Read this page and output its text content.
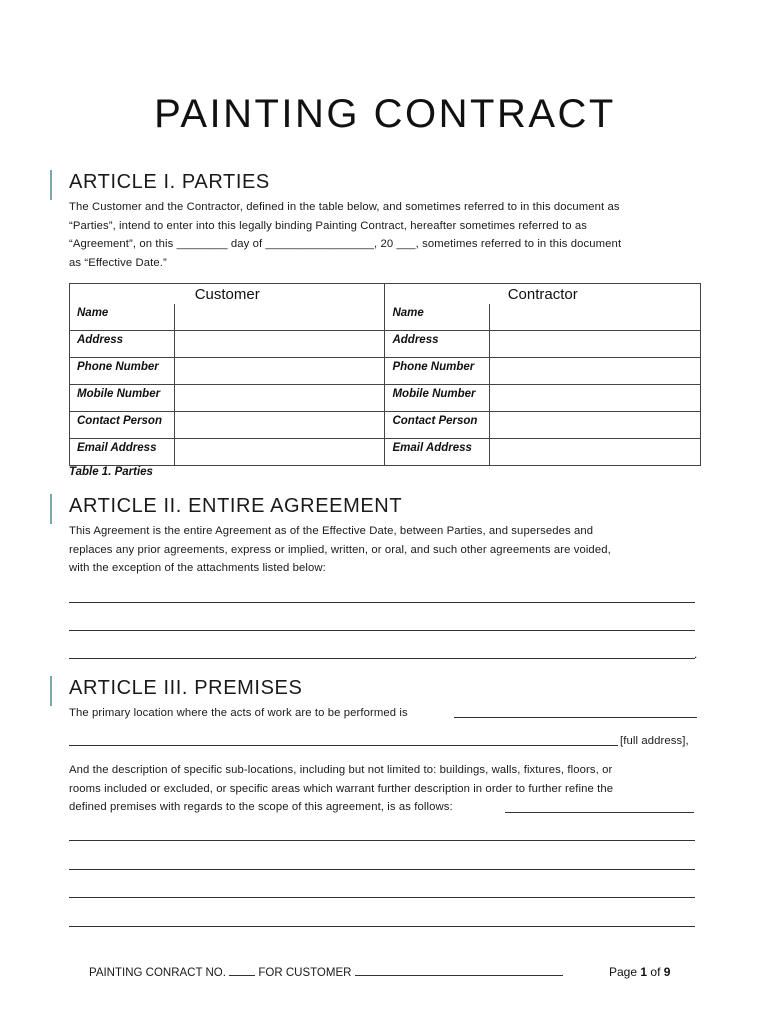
PAINTING CONTRACT
ARTICLE I. PARTIES
The Customer and the Contractor, defined in the table below, and sometimes referred to in this document as
“Parties”, intend to enter into this legally binding Painting Contract, hereafter sometimes referred to as
“Agreement”, on this ________ day of _________________, 20 ___, sometimes referred to in this document
as “Effective Date.”
Customer		Contractor	
Name		Name	
Address		Address	
Phone Number		Phone Number	
Mobile Number		Mobile Number	
Contact Person		Contact Person	
Email Address		Email Address	
Table 1. Parties
ARTICLE II. ENTIRE AGREEMENT
This Agreement is the entire Agreement as of the Effective Date, between Parties, and supersedes and
replaces any prior agreements, express or implied, written, or oral, and such other agreements are voided,
with the exception of the attachments listed below:
.
ARTICLE III. PREMISES
The primary location where the acts of work are to be performed is
[full address],
And the description of specific sub-locations, including but not limited to: buildings, walls, fixtures, floors, or
rooms included or excluded, or specific areas which warrant further description in order to further refine the
defined premises with regards to the scope of this agreement, is as follows:
PAINTING CONRACT NO.	FOR CUSTOMER	Page 1 of 9
